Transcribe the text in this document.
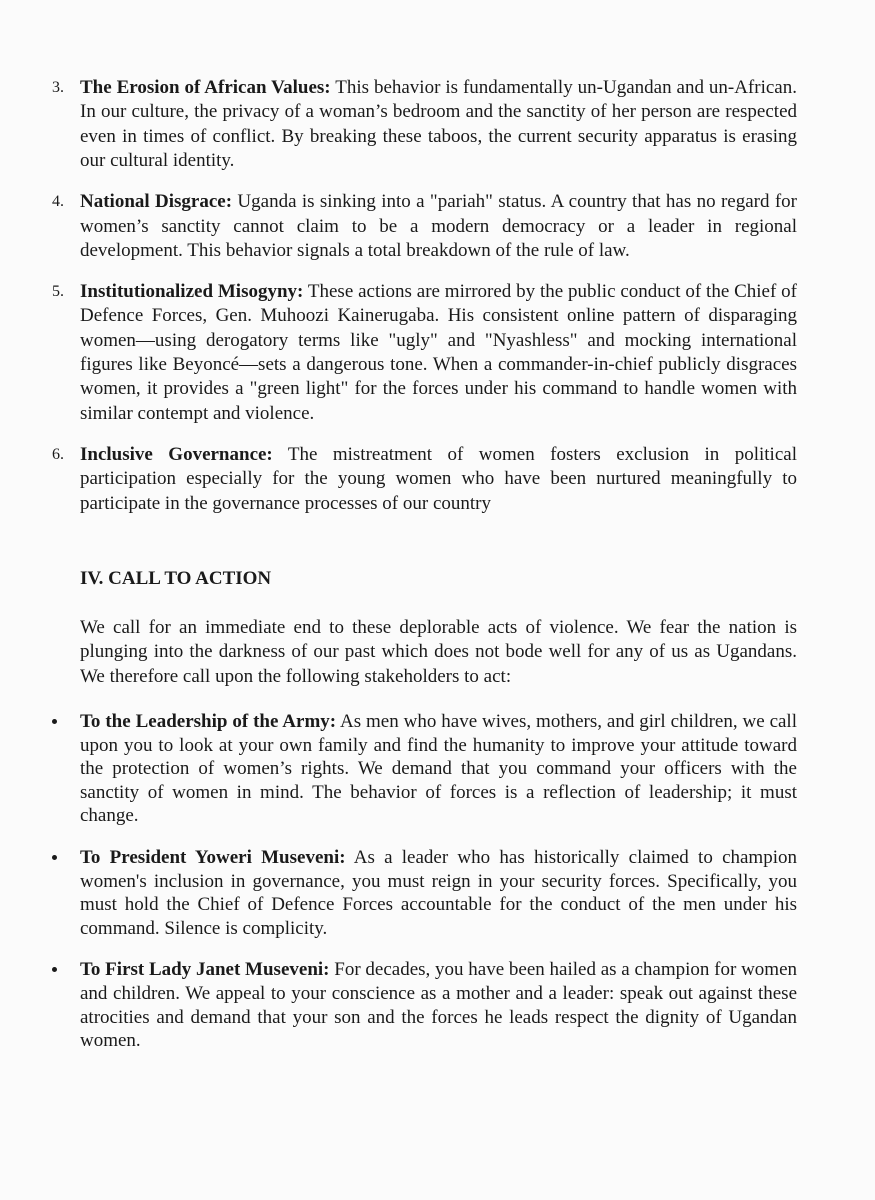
3. The Erosion of African Values: This behavior is fundamentally un-Ugandan and un-African. In our culture, the privacy of a woman’s bedroom and the sanctity of her person are respected even in times of conflict. By breaking these taboos, the current security apparatus is erasing our cultural identity.
4. National Disgrace: Uganda is sinking into a "pariah" status. A country that has no regard for women’s sanctity cannot claim to be a modern democracy or a leader in regional development. This behavior signals a total breakdown of the rule of law.
5. Institutionalized Misogyny: These actions are mirrored by the public conduct of the Chief of Defence Forces, Gen. Muhoozi Kainerugaba. His consistent online pattern of disparaging women—using derogatory terms like "ugly" and "Nyashless" and mocking international figures like Beyoncé—sets a dangerous tone. When a commander-in-chief publicly disgraces women, it provides a "green light" for the forces under his command to handle women with similar contempt and violence.
6. Inclusive Governance: The mistreatment of women fosters exclusion in political participation especially for the young women who have been nurtured meaningfully to participate in the governance processes of our country
IV. CALL TO ACTION

We call for an immediate end to these deplorable acts of violence. We fear the nation is plunging into the darkness of our past which does not bode well for any of us as Ugandans. We therefore call upon the following stakeholders to act:

To the Leadership of the Army: As men who have wives, mothers, and girl children, we call upon you to look at your own family and find the humanity to improve your attitude toward the protection of women’s rights. We demand that you command your officers with the sanctity of women in mind. The behavior of forces is a reflection of leadership; it must change.
To President Yoweri Museveni: As a leader who has historically claimed to champion women's inclusion in governance, you must reign in your security forces. Specifically, you must hold the Chief of Defence Forces accountable for the conduct of the men under his command. Silence is complicity.
To First Lady Janet Museveni: For decades, you have been hailed as a champion for women and children. We appeal to your conscience as a mother and a leader: speak out against these atrocities and demand that your son and the forces he leads respect the dignity of Ugandan women.
